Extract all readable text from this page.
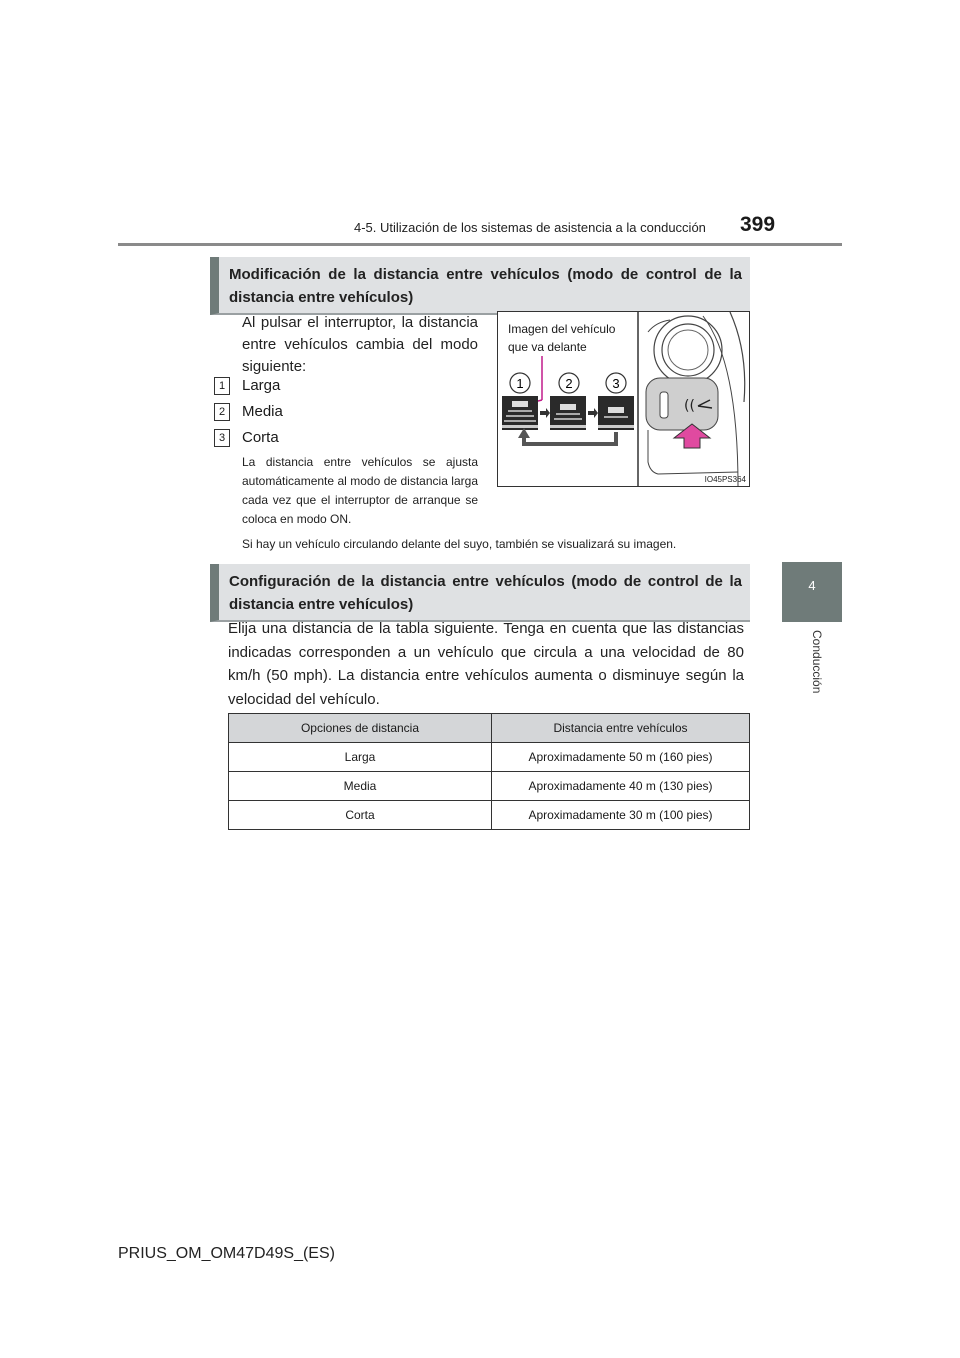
4-5. Utilización de los sistemas de asistencia a la conducción 399
4
Conducción
Modificación de la distancia entre vehículos (modo de control de la distancia entre vehículos)
Al pulsar el interruptor, la distancia entre vehículos cambia del modo siguiente:
1 Larga
2 Media
3 Corta
La distancia entre vehículos se ajusta automáticamente al modo de distancia larga cada vez que el interruptor de arranque se coloca en modo ON.
Si hay un vehículo circulando delante del suyo, también se visualizará su imagen.
Imagen del vehículo que va delante
1	2	3
((
IO45PS364
Configuración de la distancia entre vehículos (modo de control de la distancia entre vehículos)
Elija una distancia de la tabla siguiente. Tenga en cuenta que las distancias indicadas corresponden a un vehículo que circula a una velocidad de 80 km/h (50 mph). La distancia entre vehículos aumenta o disminuye según la velocidad del vehículo.
Opciones de distancia	Distancia entre vehículos
Larga	Aproximadamente 50 m (160 pies)
Media	Aproximadamente 40 m (130 pies)
Corta	Aproximadamente 30 m (100 pies)
PRIUS_OM_OM47D49S_(ES)
